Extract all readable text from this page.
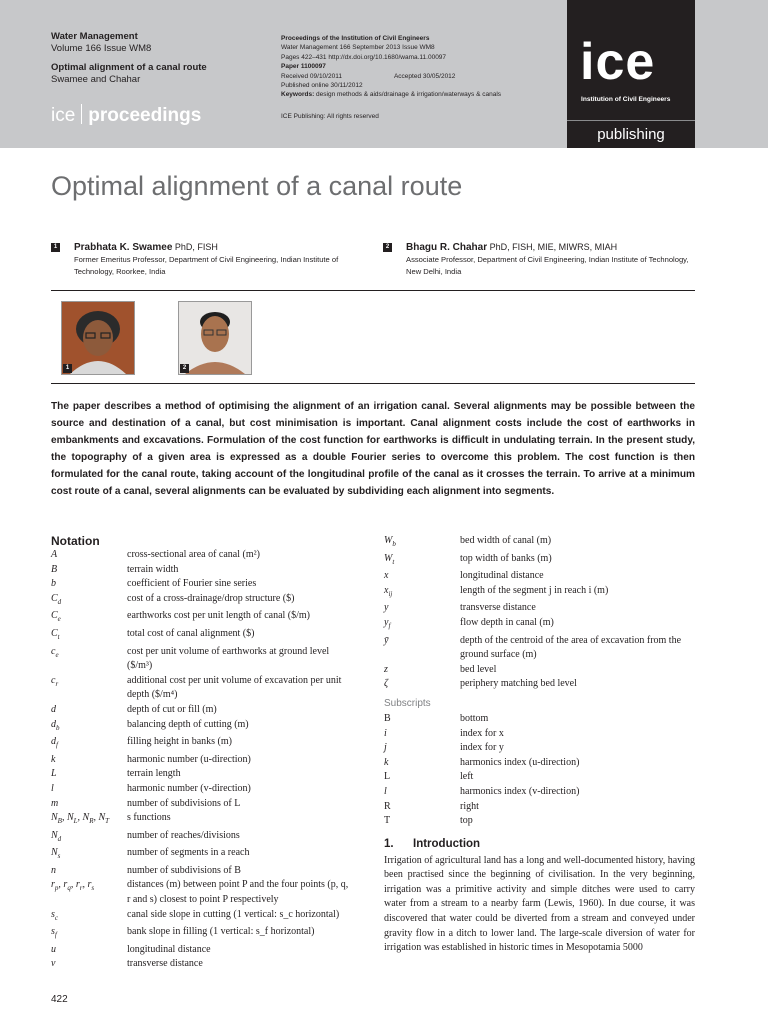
Water Management
Volume 166 Issue WM8
Optimal alignment of a canal route
Swamee and Chahar
ice proceedings
Proceedings of the Institution of Civil Engineers
Water Management 166 September 2013 Issue WM8
Pages 422–431 http://dx.doi.org/10.1680/wama.11.00097
Paper 1100097
Received 09/10/2011	Accepted 30/05/2012
Published online 30/11/2012
Keywords: design methods & aids/drainage & irrigation/waterways & canals
ICE Publishing: All rights reserved
ice
Institution of Civil Engineers
publishing
Optimal alignment of a canal route
1 Prabhata K. Swamee PhD, FISH
Former Emeritus Professor, Department of Civil Engineering, Indian Institute of Technology, Roorkee, India
2 Bhagu R. Chahar PhD, FISH, MIE, MIWRS, MIAH
Associate Professor, Department of Civil Engineering, Indian Institute of Technology, New Delhi, India
1	2
The paper describes a method of optimising the alignment of an irrigation canal. Several alignments may be possible between the source and destination of a canal, but cost minimisation is important. Canal alignment costs include the cost of earthworks in embankments and excavations. Formulation of the cost function for earthworks is difficult in undulating terrain. In the present study, the topography of a given area is expressed as a double Fourier series to overcome this problem. The cost function is then formulated for the canal route, taking account of the longitudinal profile of the canal as it crosses the terrain. To arrive at a minimum cost route of a canal, several alignments can be evaluated by subdividing each alignment into segments.
Notation
A	cross-sectional area of canal (m²)
B	terrain width
b	coefficient of Fourier sine series
$C_d$	cost of a cross-drainage/drop structure ($)
$C_e$	earthworks cost per unit length of canal ($/m)
$C_t$	total cost of canal alignment ($)
$c_e$	cost per unit volume of earthworks at ground level ($/m³)
$c_r$	additional cost per unit volume of excavation per unit depth ($/m⁴)
d	depth of cut or fill (m)
$d_b$	balancing depth of cutting (m)
$d_f$	filling height in banks (m)
k	harmonic number (u-direction)
L	terrain length
l	harmonic number (v-direction)
m	number of subdivisions of L
$N_B$, $N_L$, $N_R$, $N_T$	s functions
$N_d$	number of reaches/divisions
$N_s$	number of segments in a reach
n	number of subdivisions of B
$r_p$, $r_q$, $r_r$, $r_s$	distances (m) between point P and the four points (p, q, r and s) closest to point P respectively
$s_c$	canal side slope in cutting (1 vertical: s_c horizontal)
$s_f$	bank slope in filling (1 vertical: s_f horizontal)
u	longitudinal distance
v	transverse distance
$W_b$	bed width of canal (m)
$W_t$	top width of banks (m)
x	longitudinal distance
$x_{ij}$	length of the segment j in reach i (m)
y	transverse distance
$y_f$	flow depth in canal (m)
ȳ	depth of the centroid of the area of excavation from the ground surface (m)
z	bed level
ζ	periphery matching bed level
Subscripts
B	bottom
i	index for x
j	index for y
k	harmonics index (u-direction)
L	left
l	harmonics index (v-direction)
R	right
T	top
1. Introduction
Irrigation of agricultural land has a long and well-documented history, having been practised since the beginning of civilisation. In the very beginning, irrigation was a primitive activity and simple ditches were used to carry water from a stream to a nearby farm (Lewis, 1960). In due course, it was discovered that water could be diverted from a stream and conveyed under gravity flow in a ditch to lower land. The large-scale diversion of water for irrigation was established in historic times in Mesopotamia 5000
422
